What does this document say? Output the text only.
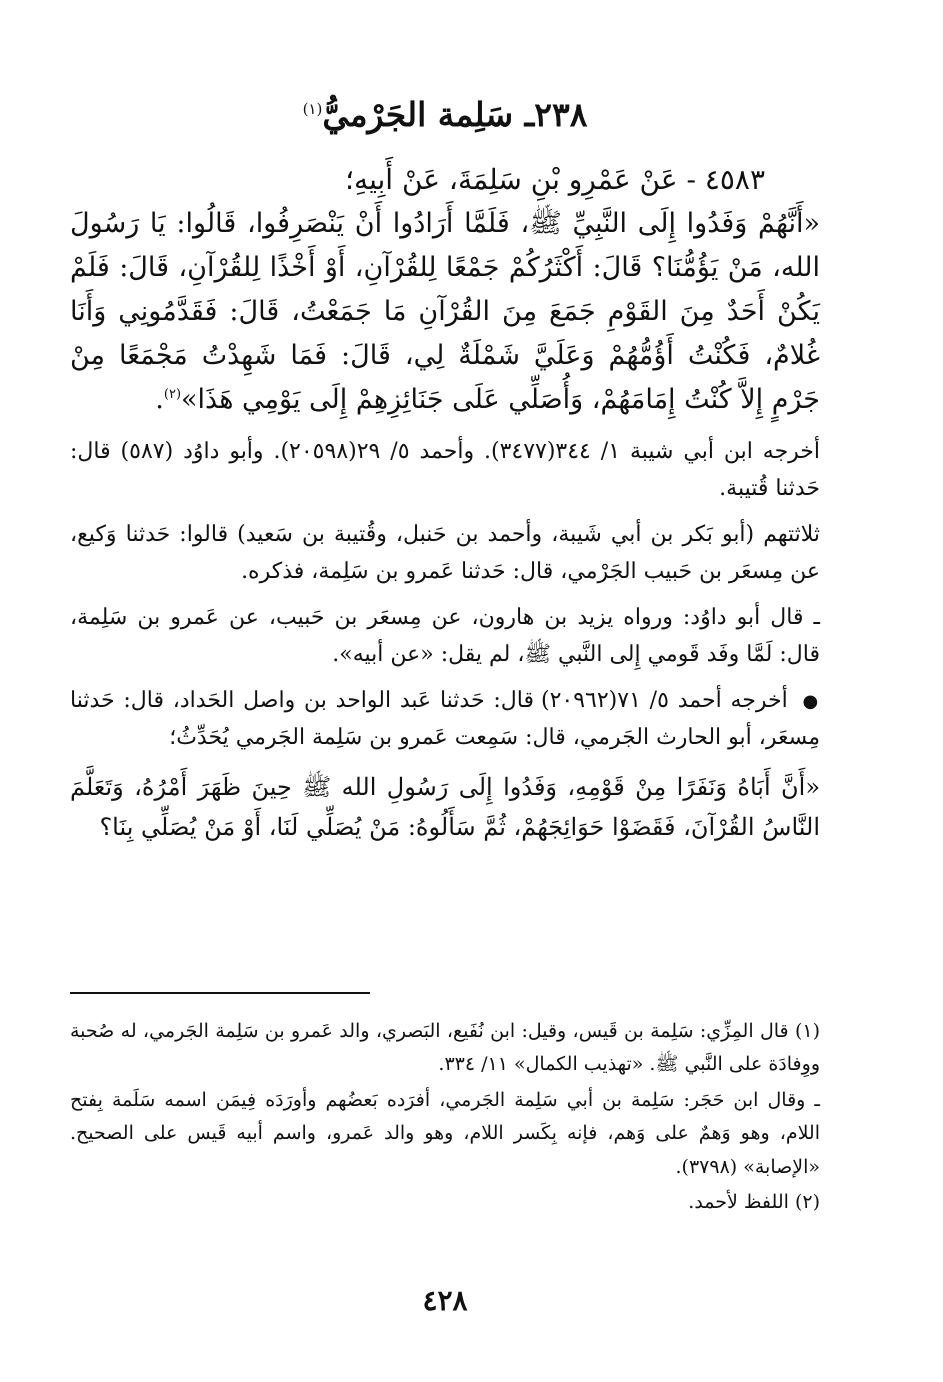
٢٣٨ـ سَلِمة الجَرْميُّ$^{(١)}$

٤٥٨٣ - عَنْ عَمْرِو بْنِ سَلِمَةَ، عَنْ أَبِيهِ؛

«أَنَّهُمْ وَفَدُوا إِلَى النَّبِيِّ ﷺ، فَلَمَّا أَرَادُوا أَنْ يَنْصَرِفُوا، قَالُوا: يَا رَسُولَ الله، مَنْ يَؤُمُّنَا؟ قَالَ: أَكْثَرُكُمْ جَمْعًا لِلقُرْآنِ، أَوْ أَخْذًا لِلقُرْآنِ، قَالَ: فَلَمْ يَكُنْ أَحَدٌ مِنَ القَوْمِ جَمَعَ مِنَ القُرْآنِ مَا جَمَعْتُ، قَالَ: فَقَدَّمُونِي وَأَنَا غُلامٌ، فَكُنْتُ أَؤُمُّهُمْ وَعَلَيَّ شَمْلَةٌ لِي، قَالَ: فَمَا شَهِدْتُ مَجْمَعًا مِنْ جَرْمٍ إِلاَّ كُنْتُ إِمَامَهُمْ، وَأُصَلِّي عَلَى جَنَائِزِهِمْ إِلَى يَوْمِي هَذَا»$^{(٢)}$.

أخرجه ابن أبي شيبة ١/ ٣٤٤(٣٤٧٧). وأحمد ٥/ ٢٩(٢٠٥٩٨). وأبو داوُد (٥٨٧) قال: حَدثنا قُتيبة.

ثلاثتهم (أبو بَكر بن أبي شَيبة، وأحمد بن حَنبل، وقُتيبة بن سَعيد) قالوا: حَدثنا وَكيع، عن مِسعَر بن حَبيب الجَرْمي، قال: حَدثنا عَمرو بن سَلِمة، فذكره.

ـ قال أبو داوُد: ورواه يزيد بن هارون، عن مِسعَر بن حَبيب، عن عَمرو بن سَلِمة، قال: لَمَّا وفَد قَومي إِلى النَّبي ﷺ، لم يقل: «عن أبيه».

● أخرجه أحمد ٥/ ٧١(٢٠٩٦٢) قال: حَدثنا عَبد الواحد بن واصل الحَداد، قال: حَدثنا مِسعَر، أبو الحارث الجَرمي، قال: سَمِعت عَمرو بن سَلِمة الجَرمي يُحَدِّثُ؛

«أَنَّ أَبَاهُ وَنَفَرًا مِنْ قَوْمِهِ، وَفَدُوا إِلَى رَسُولِ الله ﷺ حِينَ ظَهَرَ أَمْرُهُ، وَتَعَلَّمَ النَّاسُ القُرْآنَ، فَقَضَوْا حَوَائِجَهُمْ، ثُمَّ سَأَلُوهُ: مَنْ يُصَلِّي لَنَا، أَوْ مَنْ يُصَلِّي بِنَا؟

(١) قال المِزِّي: سَلِمة بن قَيس، وقيل: ابن نُفَيع، البَصري، والد عَمرو بن سَلِمة الجَرمي، له صُحبة ووِفادَة على النَّبي ﷺ. «تهذيب الكمال» ١١/ ٣٣٤.

ـ وقال ابن حَجَر: سَلِمة بن أبي سَلِمة الجَرمي، أفرَده بَعضُهم وأورَدَه فِيمَن اسمه سَلَمة بِفتح اللام، وهو وَهمٌ على وَهم، فإنه بِكَسر اللام، وهو والد عَمرو، واسم أبيه قَيس على الصحيح. «الإصابة» (٣٧٩٨).

(٢) اللفظ لأحمد.

٤٢٨
